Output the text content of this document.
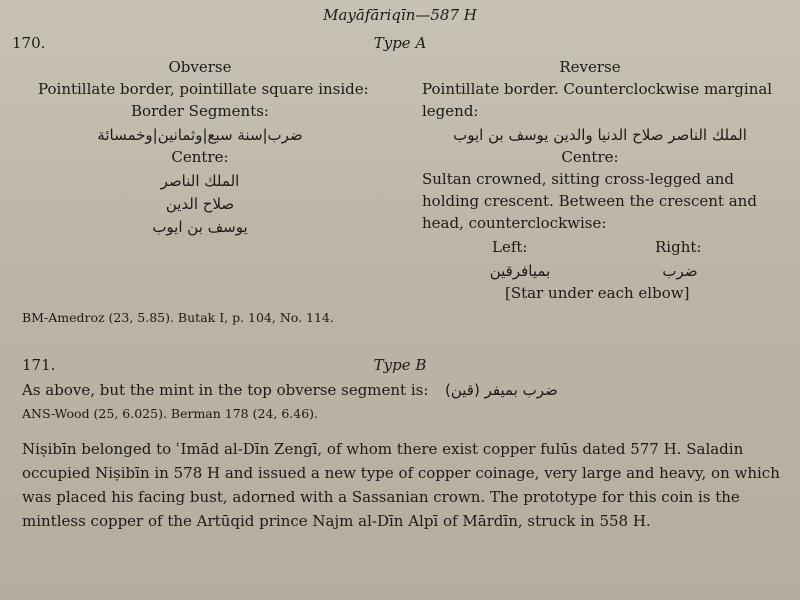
Mayāfāriqīn—587 H
170.	Type A
Obverse
Pointillate border, pointillate square inside:
Border Segments:
ضرب|سنة سبع|وثمانين|وخمسائة
Centre:
الملك الناصر
صلاح الدين
يوسف بن ايوب
Reverse
Pointillate border. Counterclockwise marginal
legend:
الملك الناصر صلاح الدنيا والدين يوسف بن ايوب
Centre:
Sultan crowned, sitting cross-legged and
holding crescent. Between the crescent and
head, counterclockwise:
Left:	Right:
بميافرقين	ضرب
[Star under each elbow]
BM-Amedroz (23, 5.85). Butak I, p. 104, No. 114.
171.	Type B
As above, but the mint in the top obverse segment is: ضرب بميفر (قين)
ANS-Wood (25, 6.025). Berman 178 (24, 6.46).
Niṣibīn belonged to ʿImād al-Dīn Zengī, of whom there exist copper fulūs dated 577 H. Saladin
occupied Niṣibīn in 578 H and issued a new type of copper coinage, very large and heavy, on which
was placed his facing bust, adorned with a Sassanian crown. The prototype for this coin is the
mintless copper of the Artūqid prince Najm al-Dīn Alpī of Mārdīn, struck in 558 H.
